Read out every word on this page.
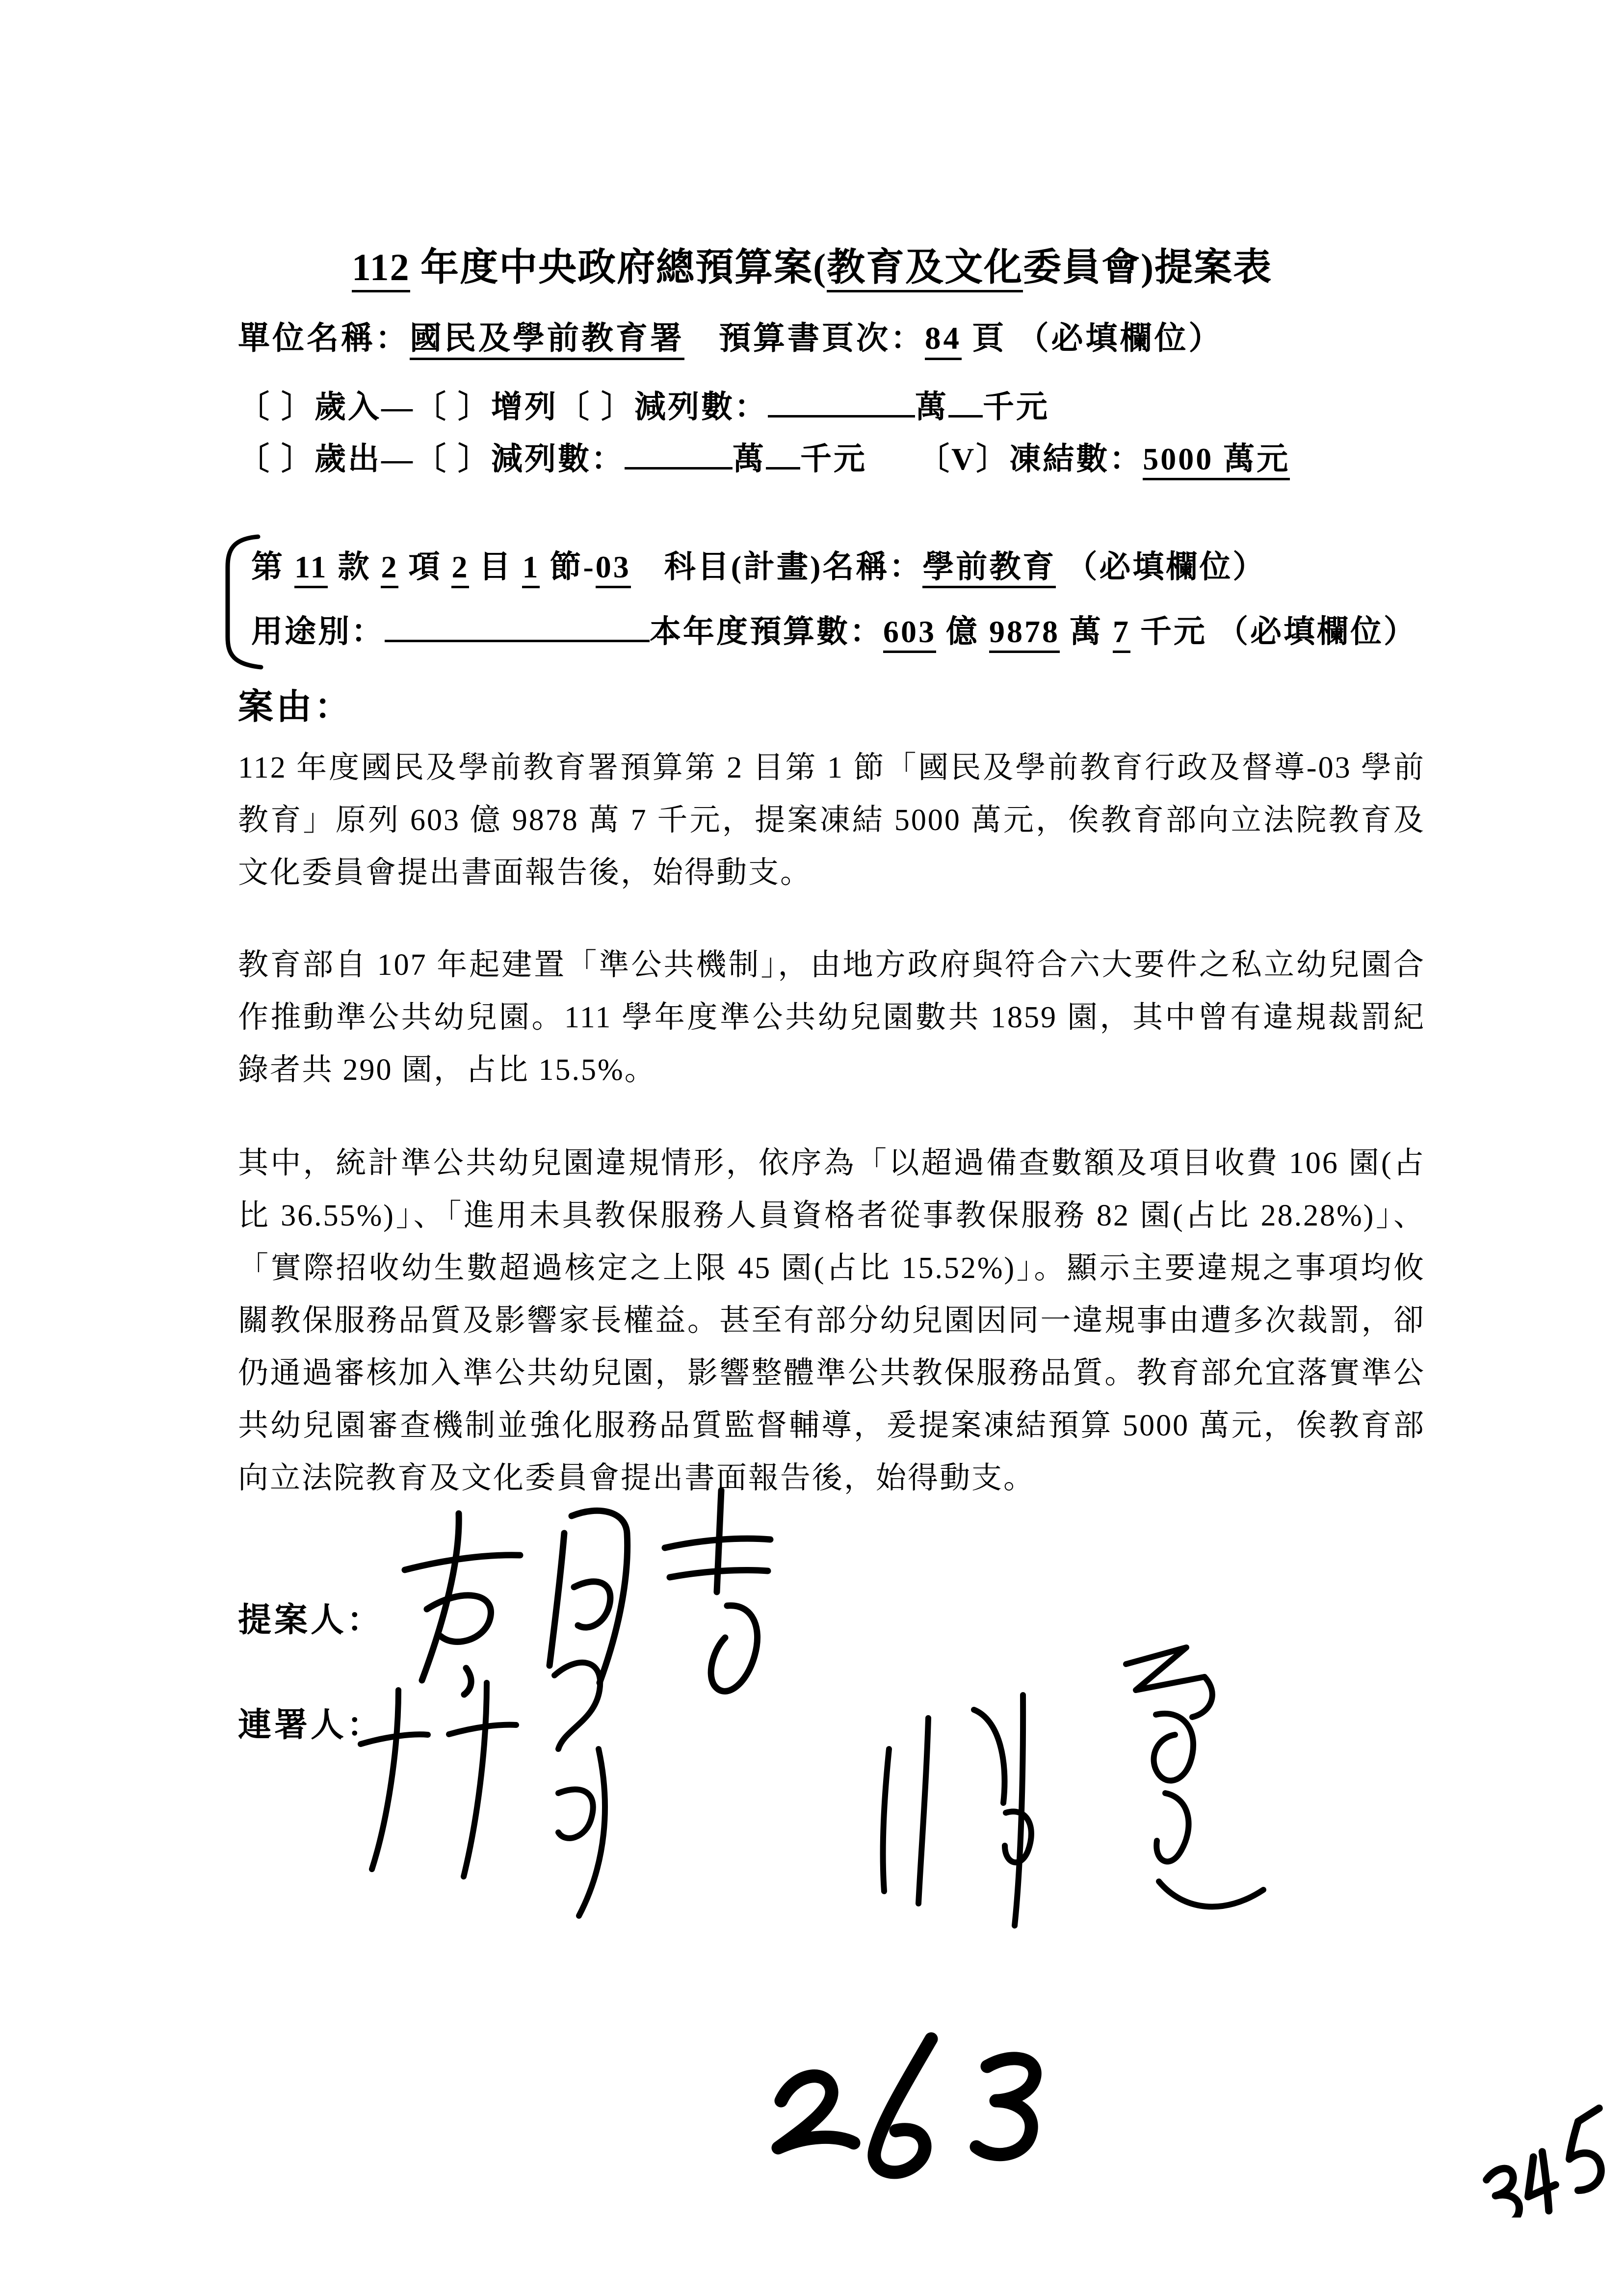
112 年度中央政府總預算案(教育及文化委員會)提案表
單位名稱：國民及學前教育署　預算書頁次：84 頁 （必填欄位）
〔 〕歲入—〔 〕增列〔 〕減列數：	萬 千元
〔 〕歲出—〔 〕減列數：	萬 千元　　 〔V〕凍結數：5000 萬元
第 11 款 2 項 2 目 1 節-03　科目(計畫)名稱：學前教育 （必填欄位）
用途別：	本年度預算數：603 億 9878 萬 7 千元 （必填欄位）
案由：
112 年度國民及學前教育署預算第 2 目第 1 節「國民及學前教育行政及督導-03 學前教育」原列 603 億 9878 萬 7 千元，提案凍結 5000 萬元，俟教育部向立法院教育及文化委員會提出書面報告後，始得動支。
教育部自 107 年起建置「準公共機制」，由地方政府與符合六大要件之私立幼兒園合作推動準公共幼兒園。111 學年度準公共幼兒園數共 1859 園，其中曾有違規裁罰紀錄者共 290 園，占比 15.5%。
其中，統計準公共幼兒園違規情形，依序為「以超過備查數額及項目收費 106 園(占比 36.55%)」、「進用未具教保服務人員資格者從事教保服務 82 園(占比 28.28%)」、「實際招收幼生數超過核定之上限 45 園(占比 15.52%)」。顯示主要違規之事項均攸關教保服務品質及影響家長權益。甚至有部分幼兒園因同一違規事由遭多次裁罰，卻仍通過審核加入準公共幼兒園，影響整體準公共教保服務品質。教育部允宜落實準公共幼兒園審查機制並強化服務品質監督輔導，爰提案凍結預算 5000 萬元，俟教育部向立法院教育及文化委員會提出書面報告後，始得動支。
提案人：
連署人：
